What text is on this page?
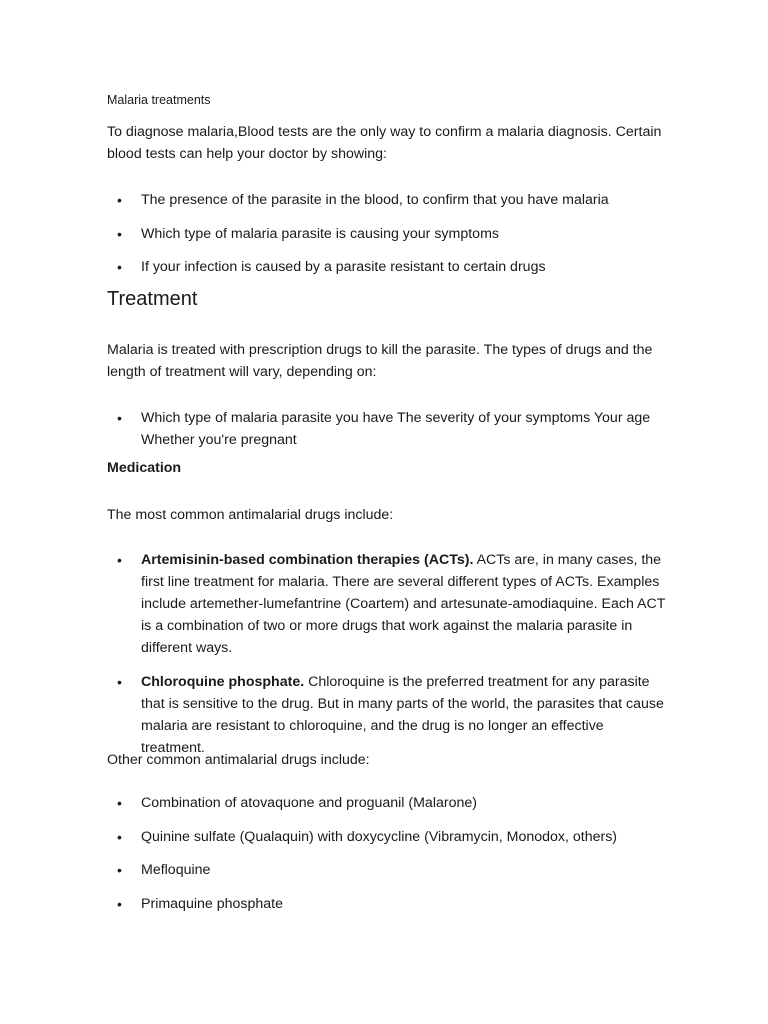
Malaria treatments
To diagnose malaria,Blood tests are the only way to confirm a malaria diagnosis. Certain blood tests can help your doctor by showing:
• The presence of the parasite in the blood, to confirm that you have malaria
• Which type of malaria parasite is causing your symptoms
• If your infection is caused by a parasite resistant to certain drugs
Treatment
Malaria is treated with prescription drugs to kill the parasite. The types of drugs and the length of treatment will vary, depending on:
• Which type of malaria parasite you have The severity of your symptoms Your age Whether you're pregnant
Medication
The most common antimalarial drugs include:
• Artemisinin-based combination therapies (ACTs). ACTs are, in many cases, the first line treatment for malaria. There are several different types of ACTs. Examples include artemether-lumefantrine (Coartem) and artesunate-amodiaquine. Each ACT is a combination of two or more drugs that work against the malaria parasite in different ways.
• Chloroquine phosphate. Chloroquine is the preferred treatment for any parasite that is sensitive to the drug. But in many parts of the world, the parasites that cause malaria are resistant to chloroquine, and the drug is no longer an effective treatment.
Other common antimalarial drugs include:
• Combination of atovaquone and proguanil (Malarone)
• Quinine sulfate (Qualaquin) with doxycycline (Vibramycin, Monodox, others)
• Mefloquine
• Primaquine phosphate
